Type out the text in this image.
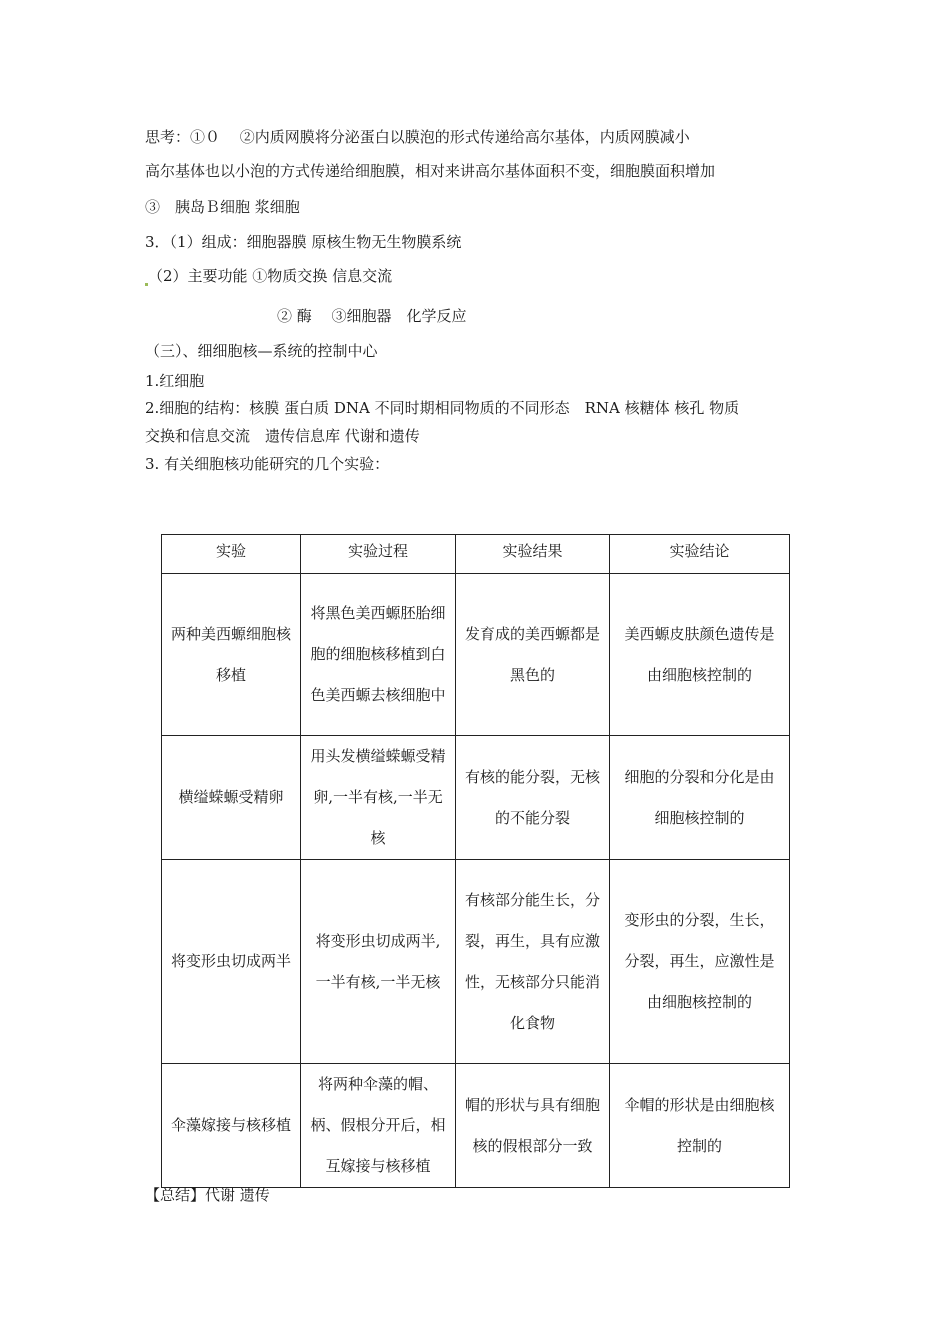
思考：①０　 ②内质网膜将分泌蛋白以膜泡的形式传递给高尔基体，内质网膜减小
高尔基体也以小泡的方式传递给细胞膜，相对来讲高尔基体面积不变，细胞膜面积增加
③　胰岛Ｂ细胞 浆细胞
3．（1）组成：细胞器膜 原核生物无生物膜系统
（2）主要功能 ①物质交换 信息交流
② 酶　 ③细胞器　化学反应
（三）、细细胞核—系统的控制中心
1.红细胞
2.细胞的结构：核膜 蛋白质 DNA 不同时期相同物质的不同形态　RNA 核糖体 核孔 物质
交换和信息交流　遗传信息库 代谢和遗传
3. 有关细胞核功能研究的几个实验：
实验	实验过程	实验结果	实验结论
两种美西螈细胞核移植	将黑色美西螈胚胎细胞的细胞核移植到白色美西螈去核细胞中	发育成的美西螈都是黑色的	美西螈皮肤颜色遗传是由细胞核控制的
横缢蝾螈受精卵	用头发横缢蝾螈受精卵,一半有核,一半无核	有核的能分裂，无核的不能分裂	细胞的分裂和分化是由细胞核控制的
将变形虫切成两半	将变形虫切成两半,一半有核,一半无核	有核部分能生长，分裂，再生，具有应激性，无核部分只能消化食物	变形虫的分裂，生长，分裂，再生，应激性是由细胞核控制的
伞藻嫁接与核移植	将两种伞藻的帽、柄、假根分开后，相互嫁接与核移植	帽的形状与具有细胞核的假根部分一致	伞帽的形状是由细胞核控制的
【总结】代谢 遗传
